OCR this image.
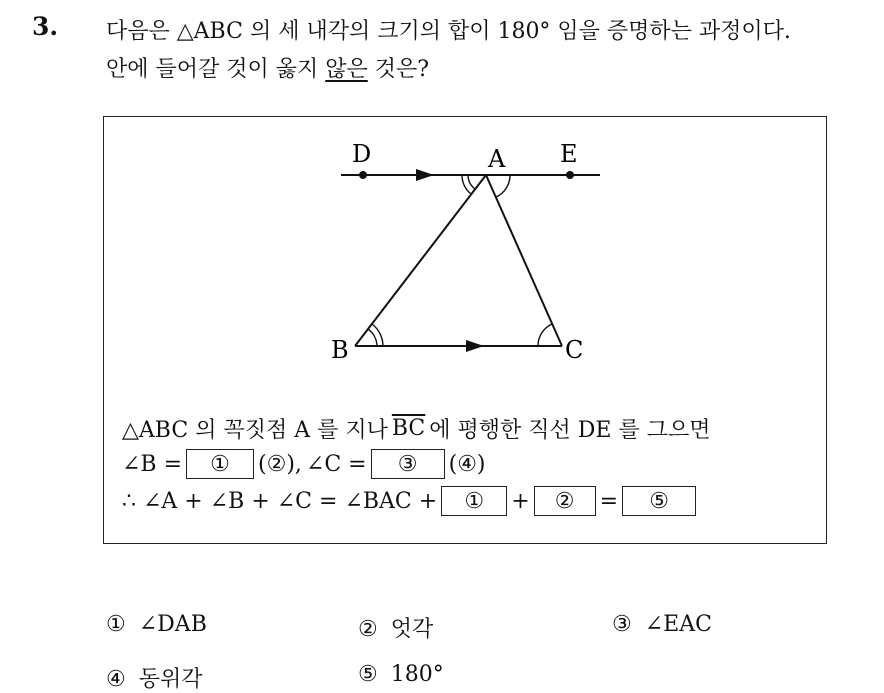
3. 다음은 △ABC 의 세 내각의 크기의 합이 180° 임을 증명하는 과정이다.
안에 들어갈 것이 옳지 않은 것은?
D	A E
B	C
△ABC 의 꼭짓점 A 를 지나 $\overline{BC}$ 에 평행한 직선 DE 를 그으면
∠B =	①	(②), ∠C =	③	(④)
∴ ∠A + ∠B + ∠C = ∠BAC +	①	+	②	=	⑤
① ∠DAB	② 엇각	③ ∠EAC
④ 동위각	⑤ 180°
